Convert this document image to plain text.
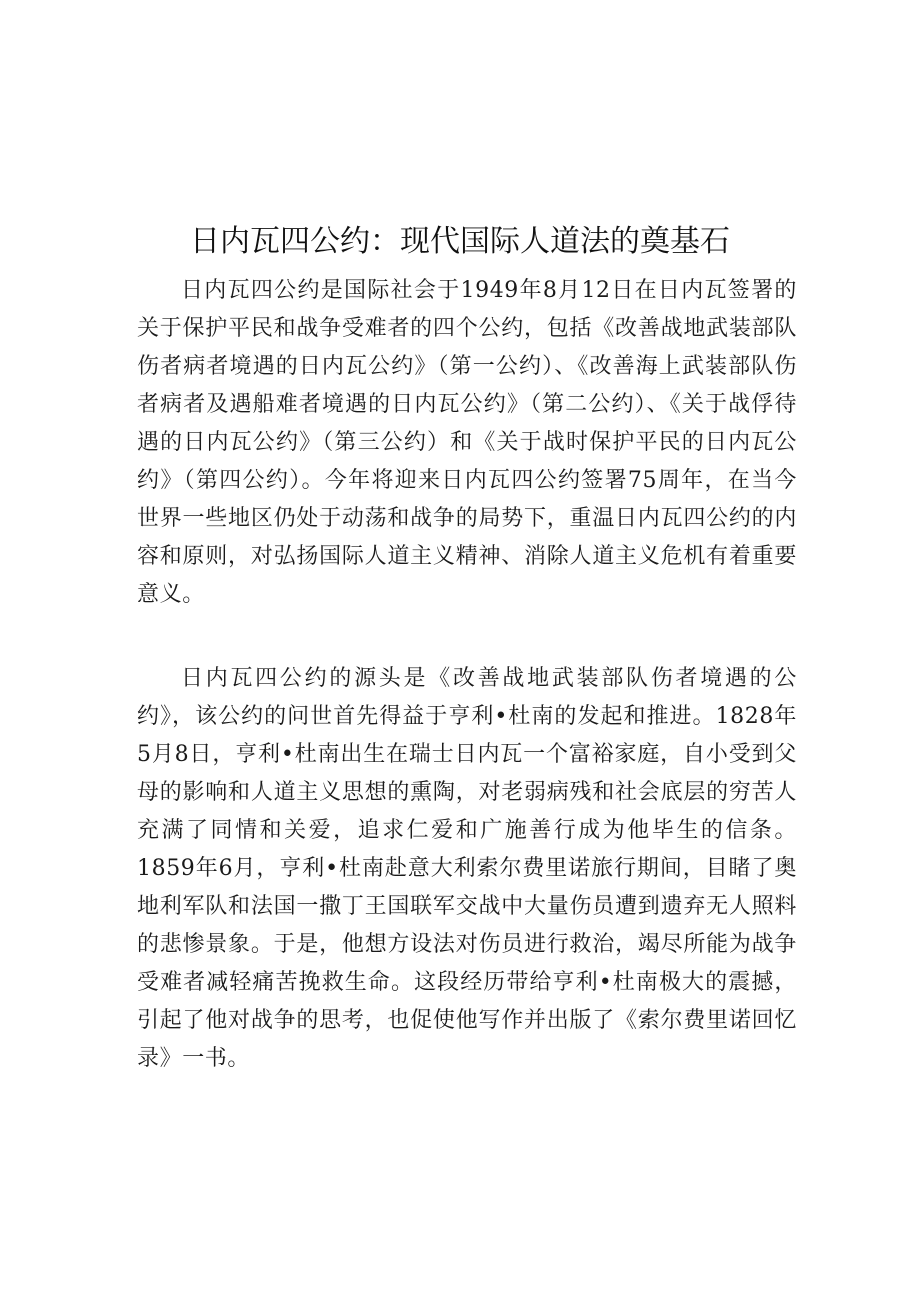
日内瓦四公约：现代国际人道法的奠基石

日内瓦四公约是国际社会于1949年8月12日在日内瓦签署的关于保护平民和战争受难者的四个公约，包括《改善战地武装部队伤者病者境遇的日内瓦公约》（第一公约）、《改善海上武装部队伤者病者及遇船难者境遇的日内瓦公约》（第二公约）、《关于战俘待遇的日内瓦公约》（第三公约）和《关于战时保护平民的日内瓦公约》（第四公约）。今年将迎来日内瓦四公约签署75周年，在当今世界一些地区仍处于动荡和战争的局势下，重温日内瓦四公约的内容和原则，对弘扬国际人道主义精神、消除人道主义危机有着重要意义。

日内瓦四公约的源头是《改善战地武装部队伤者境遇的公约》，该公约的问世首先得益于亨利•杜南的发起和推进。1828年5月8日，亨利•杜南出生在瑞士日内瓦一个富裕家庭，自小受到父母的影响和人道主义思想的熏陶，对老弱病残和社会底层的穷苦人充满了同情和关爱，追求仁爱和广施善行成为他毕生的信条。1859年6月，亨利•杜南赴意大利索尔费里诺旅行期间，目睹了奥地利军队和法国一撒丁王国联军交战中大量伤员遭到遗弃无人照料的悲惨景象。于是，他想方设法对伤员进行救治，竭尽所能为战争受难者减轻痛苦挽救生命。这段经历带给亨利•杜南极大的震撼，引起了他对战争的思考，也促使他写作并出版了《索尔费里诺回忆录》一书。
